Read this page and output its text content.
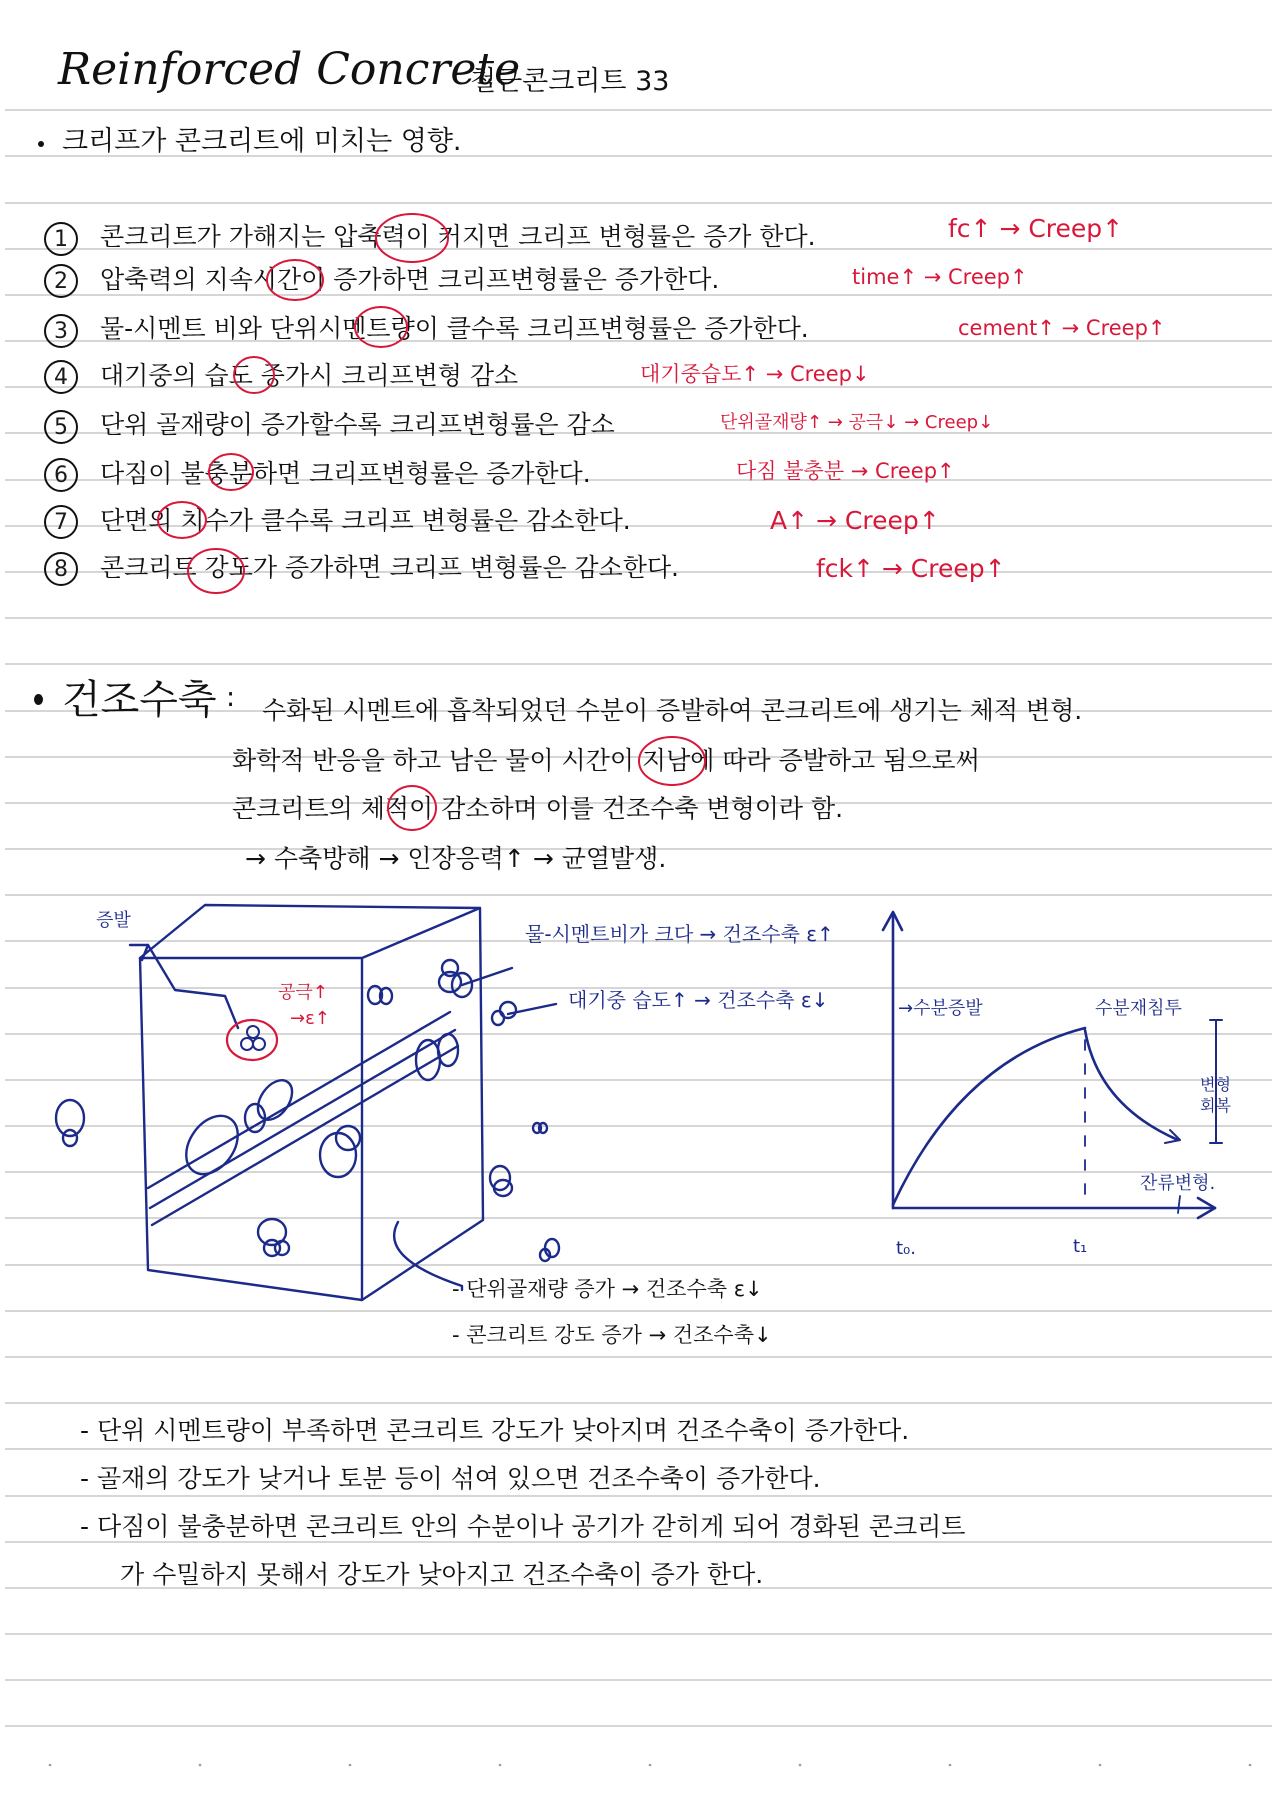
Reinforced Concrete
철근콘크리트 33
크리프가 콘크리트에 미치는 영향.
1	콘크리트가 가해지는 압축력이 커지면 크리프 변형률은 증가 한다.	fc↑ → Creep↑
2	압축력의 지속시간이 증가하면 크리프변형률은 증가한다.	time↑ → Creep↑
3	물-시멘트 비와 단위시멘트량이 클수록 크리프변형률은 증가한다.	cement↑ → Creep↑
4	대기중의 습도 증가시 크리프변형 감소	대기중습도↑ → Creep↓
5	단위 골재량이 증가할수록 크리프변형률은 감소	단위골재량↑ → 공극↓ → Creep↓
6	다짐이 불충분하면 크리프변형률은 증가한다.	다짐 불충분 → Creep↑
7	단면의 치수가 클수록 크리프 변형률은 감소한다.	A↑ → Creep↑
8	콘크리트 강도가 증가하면 크리프 변형률은 감소한다.	fck↑ → Creep↑
건조수축 : 수화된 시멘트에 흡착되었던 수분이 증발하여 콘크리트에 생기는 체적 변형.
화학적 반응을 하고 남은 물이 시간이 지남에 따라 증발하고 됨으로써
콘크리트의 체적이 감소하며 이를 건조수축 변형이라 함.
→ 수축방해 → 인장응력↑ → 균열발생.
증발
공극↑
→ε↑
물-시멘트비가 크다 → 건조수축 ε↑
대기중 습도↑ → 건조수축 ε↓
- 단위골재량 증가 → 건조수축 ε↓
- 콘크리트 강도 증가 → 건조수축↓
→수분증발	수분재침투
변형 회복
잔류변형.
t₀.	t₁
- 단위 시멘트량이 부족하면 콘크리트 강도가 낮아지며 건조수축이 증가한다.
- 골재의 강도가 낮거나 토분 등이 섞여 있으면 건조수축이 증가한다.
- 다짐이 불충분하면 콘크리트 안의 수분이나 공기가 갇히게 되어 경화된 콘크리트
가 수밀하지 못해서 강도가 낮아지고 건조수축이 증가 한다.
